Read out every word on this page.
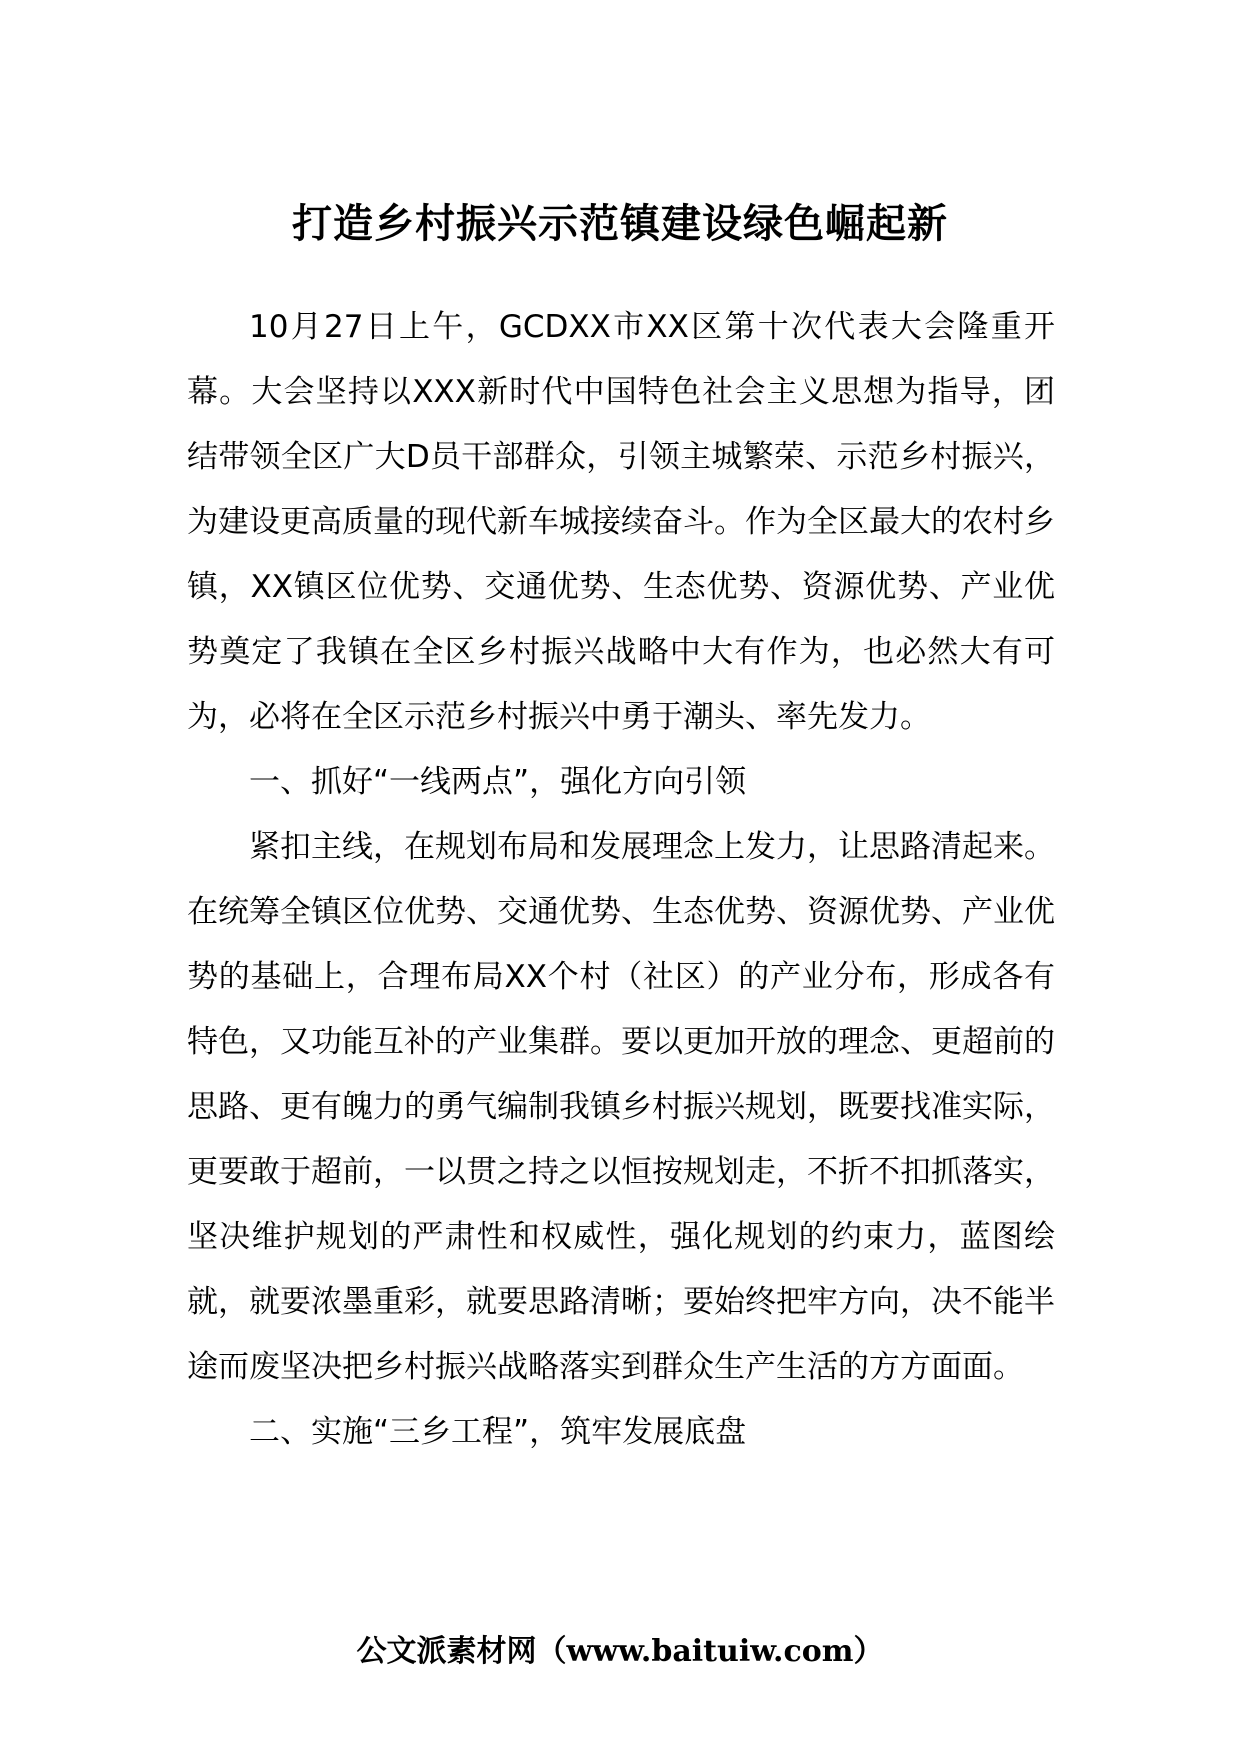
打造乡村振兴示范镇建设绿色崛起新

10月27日上午，GCDXX市XX区第十次代表大会隆重开幕。大会坚持以XXX新时代中国特色社会主义思想为指导，团结带领全区广大D员干部群众，引领主城繁荣、示范乡村振兴，为建设更高质量的现代新车城接续奋斗。作为全区最大的农村乡镇，XX镇区位优势、交通优势、生态优势、资源优势、产业优势奠定了我镇在全区乡村振兴战略中大有作为，也必然大有可为，必将在全区示范乡村振兴中勇于潮头、率先发力。

一、抓好“一线两点”，强化方向引领

紧扣主线，在规划布局和发展理念上发力，让思路清起来。在统筹全镇区位优势、交通优势、生态优势、资源优势、产业优势的基础上，合理布局XX个村（社区）的产业分布，形成各有特色，又功能互补的产业集群。要以更加开放的理念、更超前的思路、更有魄力的勇气编制我镇乡村振兴规划，既要找准实际，更要敢于超前，一以贯之持之以恒按规划走，不折不扣抓落实，坚决维护规划的严肃性和权威性，强化规划的约束力，蓝图绘就，就要浓墨重彩，就要思路清晰；要始终把牢方向，决不能半途而废坚决把乡村振兴战略落实到群众生产生活的方方面面。

二、实施“三乡工程”，筑牢发展底盘

公文派素材网（www.baituiw.com）
